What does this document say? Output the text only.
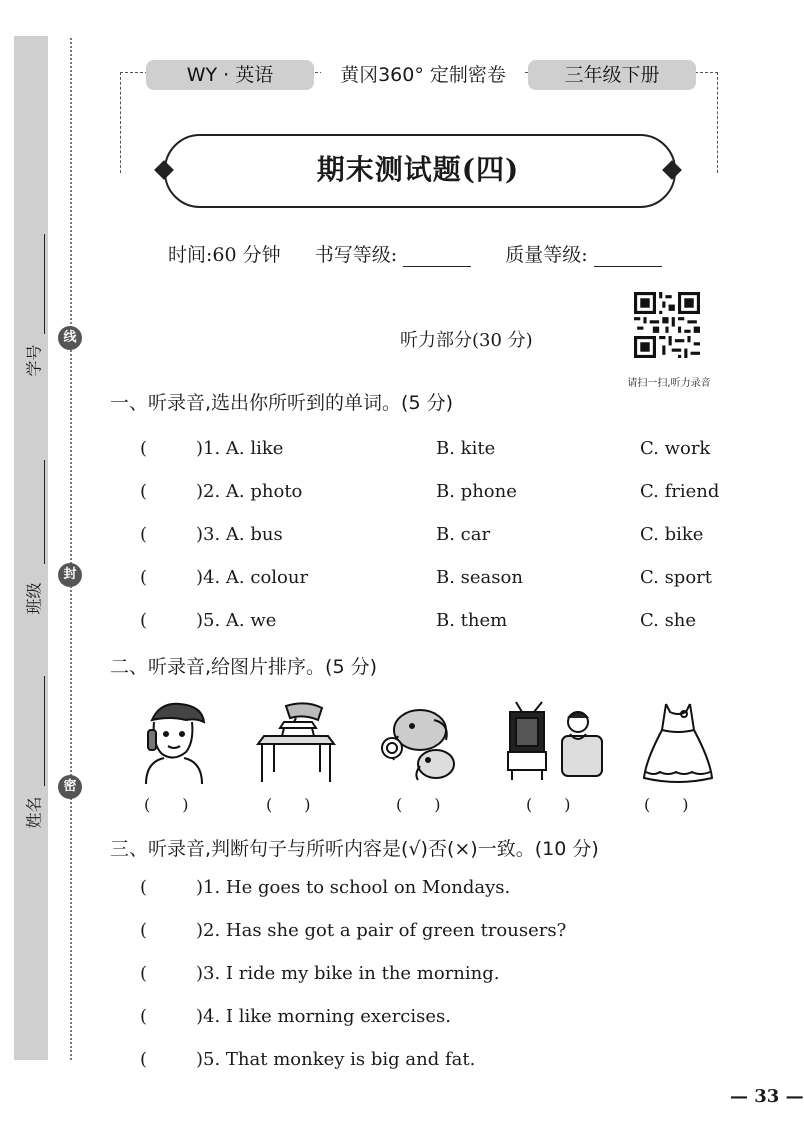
线
封
密
学号
班级
姓名
WY · 英语	黄冈360° 定制密卷	三年级下册
期末测试题(四)
时间:60 分钟 书写等级:	质量等级:
听力部分(30 分)
请扫一扫,听力录音
一、听录音,选出你所听到的单词。(5 分)
(	)1. A. like	B. kite	C. work
(	)2. A. photo	B. phone	C. friend
(	)3. A. bus	B. car	C. bike
(	)4. A. colour	B. season	C. sport
(	)5. A. we	B. them	C. she
二、听录音,给图片排序。(5 分)
(　　)	(　　)	(　　)	(　　)	(　　)
三、听录音,判断句子与所听内容是(√)否(×)一致。(10 分)
(	)1. He goes to school on Mondays.
(	)2. Has she got a pair of green trousers?
(	)3. I ride my bike in the morning.
(	)4. I like morning exercises.
(	)5. That monkey is big and fat.
— 33 —
